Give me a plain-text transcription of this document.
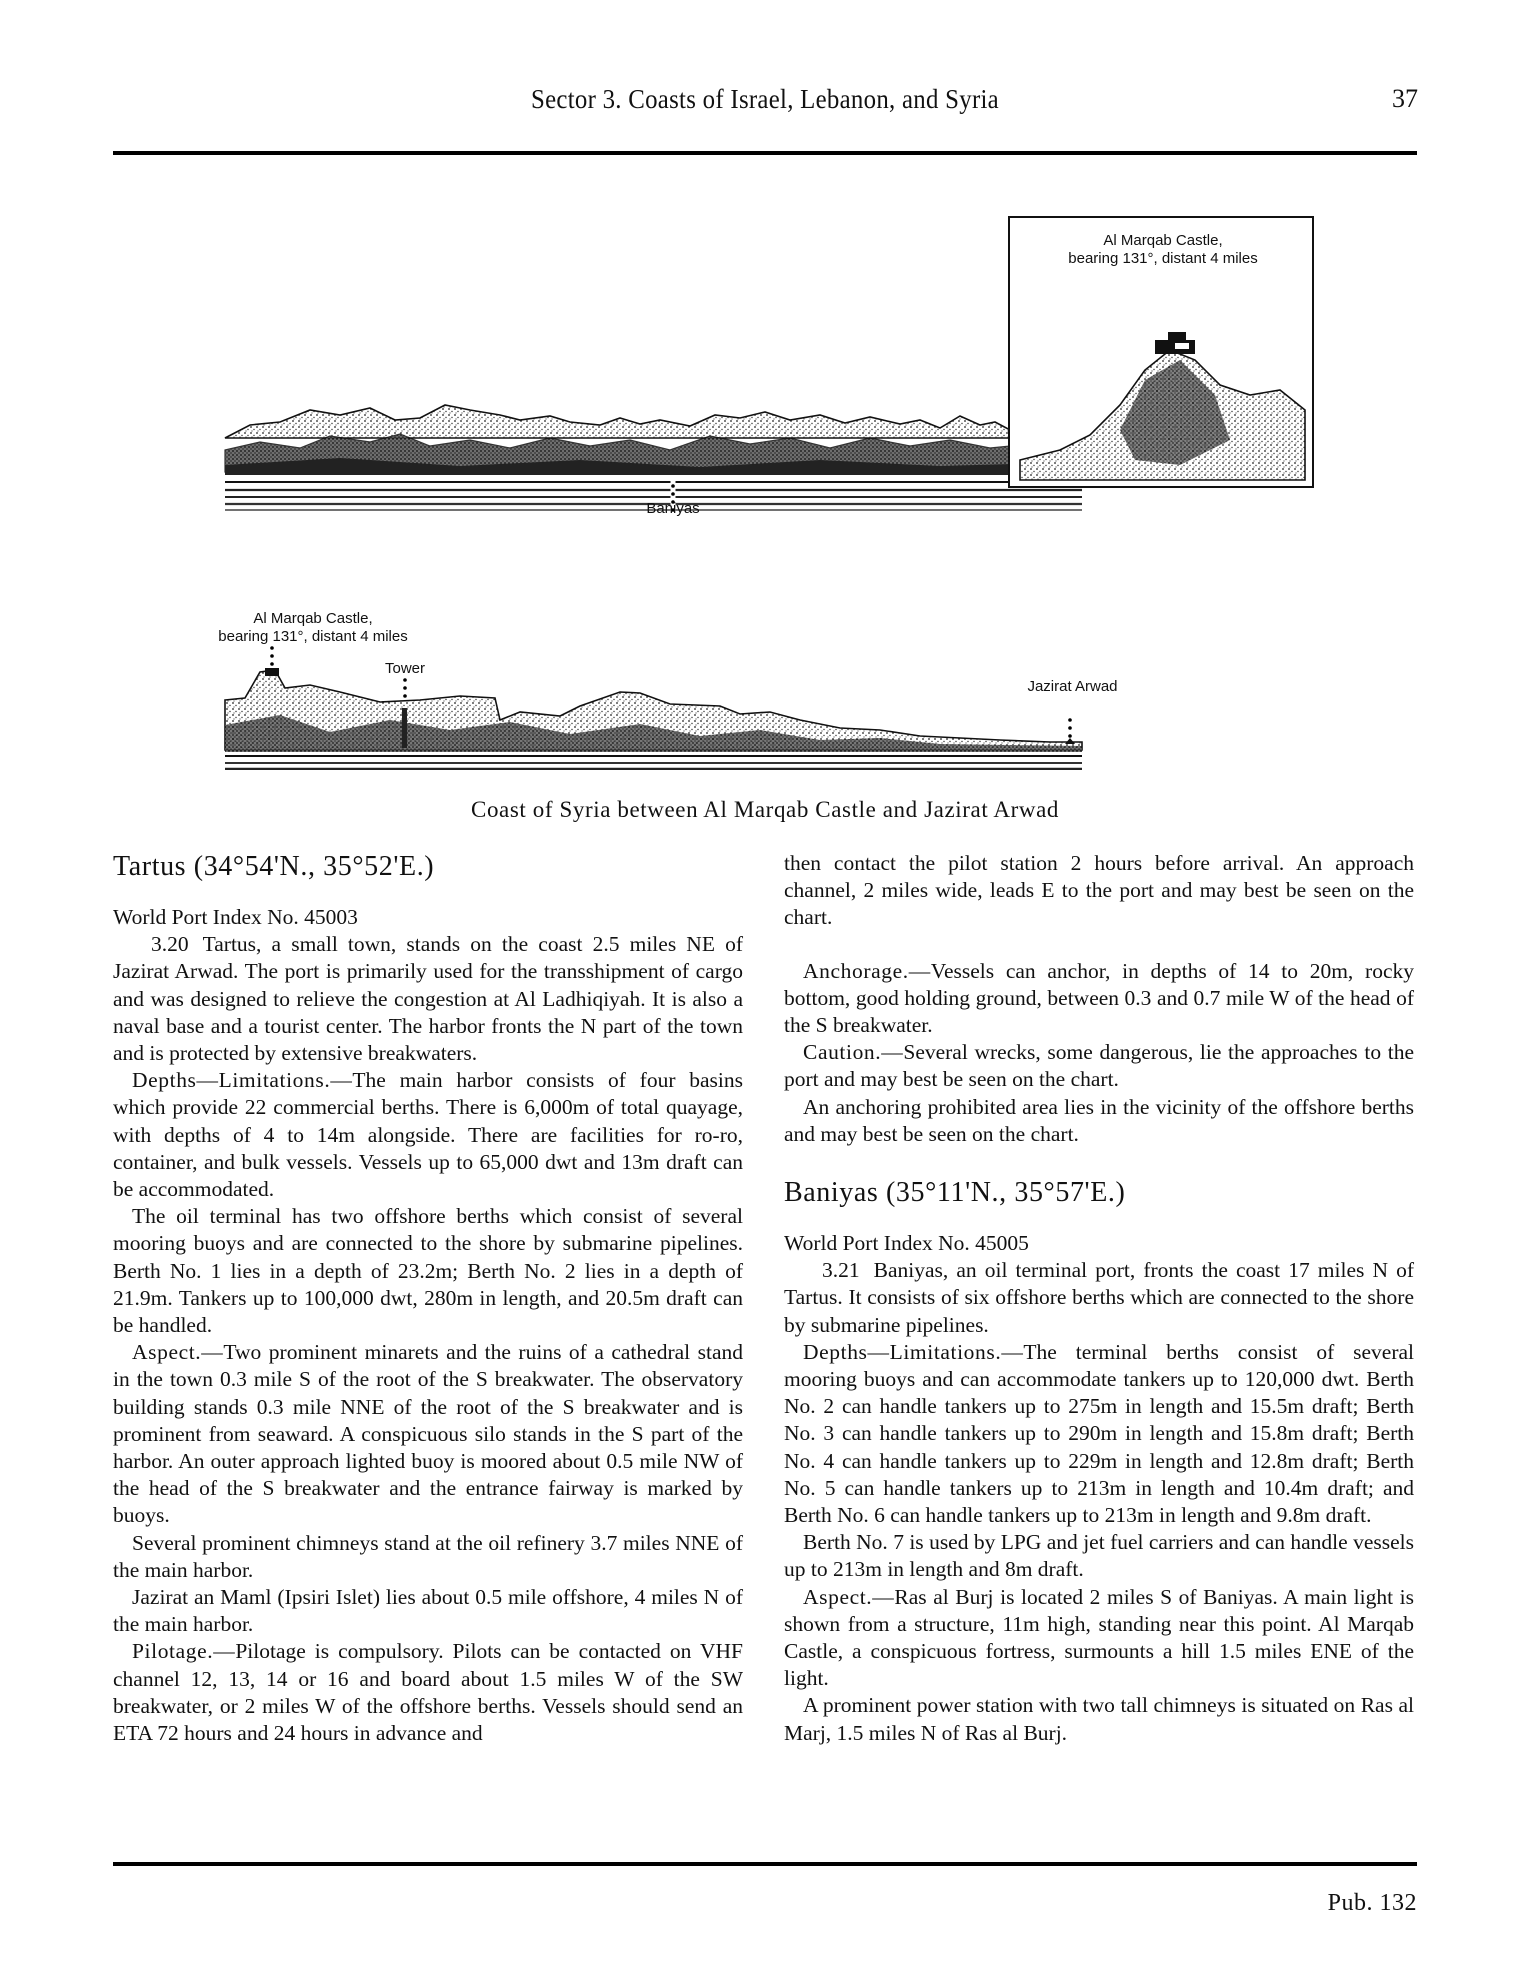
Sector 3. Coasts of Israel, Lebanon, and Syria	37
Al Marqab Castle,
bearing 131°, distant 4 miles
Baniyas
Al Marqab Castle,
bearing 131°, distant 4 miles
Tower
Jazirat Arwad
Coast of Syria between Al Marqab Castle and Jazirat Arwad
Tartus (34°54'N., 35°52'E.)

World Port Index No. 45003

3.20 Tartus, a small town, stands on the coast 2.5 miles NE of Jazirat Arwad. The port is primarily used for the transshipment of cargo and was designed to relieve the congestion at Al Ladhiqiyah. It is also a naval base and a tourist center. The harbor fronts the N part of the town and is protected by extensive breakwaters.

Depths—Limitations.—The main harbor consists of four basins which provide 22 commercial berths. There is 6,000m of total quayage, with depths of 4 to 14m alongside. There are facilities for ro-ro, container, and bulk vessels. Vessels up to 65,000 dwt and 13m draft can be accommodated.

The oil terminal has two offshore berths which consist of several mooring buoys and are connected to the shore by submarine pipelines. Berth No. 1 lies in a depth of 23.2m; Berth No. 2 lies in a depth of 21.9m. Tankers up to 100,000 dwt, 280m in length, and 20.5m draft can be handled.

Aspect.—Two prominent minarets and the ruins of a cathedral stand in the town 0.3 mile S of the root of the S breakwater. The observatory building stands 0.3 mile NNE of the root of the S breakwater and is prominent from seaward. A conspicuous silo stands in the S part of the harbor. An outer approach lighted buoy is moored about 0.5 mile NW of the head of the S breakwater and the entrance fairway is marked by buoys.

Several prominent chimneys stand at the oil refinery 3.7 miles NNE of the main harbor.

Jazirat an Maml (Ipsiri Islet) lies about 0.5 mile offshore, 4 miles N of the main harbor.

Pilotage.—Pilotage is compulsory. Pilots can be contacted on VHF channel 12, 13, 14 or 16 and board about 1.5 miles W of the SW breakwater, or 2 miles W of the offshore berths. Vessels should send an ETA 72 hours and 24 hours in advance and

then contact the pilot station 2 hours before arrival. An approach channel, 2 miles wide, leads E to the port and may best be seen on the chart.

Anchorage.—Vessels can anchor, in depths of 14 to 20m, rocky bottom, good holding ground, between 0.3 and 0.7 mile W of the head of the S breakwater.

Caution.—Several wrecks, some dangerous, lie the approaches to the port and may best be seen on the chart.

An anchoring prohibited area lies in the vicinity of the offshore berths and may best be seen on the chart.

Baniyas (35°11'N., 35°57'E.)

World Port Index No. 45005

3.21 Baniyas, an oil terminal port, fronts the coast 17 miles N of Tartus. It consists of six offshore berths which are connected to the shore by submarine pipelines.

Depths—Limitations.—The terminal berths consist of several mooring buoys and can accommodate tankers up to 120,000 dwt. Berth No. 2 can handle tankers up to 275m in length and 15.5m draft; Berth No. 3 can handle tankers up to 290m in length and 15.8m draft; Berth No. 4 can handle tankers up to 229m in length and 12.8m draft; Berth No. 5 can handle tankers up to 213m in length and 10.4m draft; and Berth No. 6 can handle tankers up to 213m in length and 9.8m draft.

Berth No. 7 is used by LPG and jet fuel carriers and can handle vessels up to 213m in length and 8m draft.

Aspect.—Ras al Burj is located 2 miles S of Baniyas. A main light is shown from a structure, 11m high, standing near this point. Al Marqab Castle, a conspicuous fortress, surmounts a hill 1.5 miles ENE of the light.

A prominent power station with two tall chimneys is situated on Ras al Marj, 1.5 miles N of Ras al Burj.

Pub. 132
